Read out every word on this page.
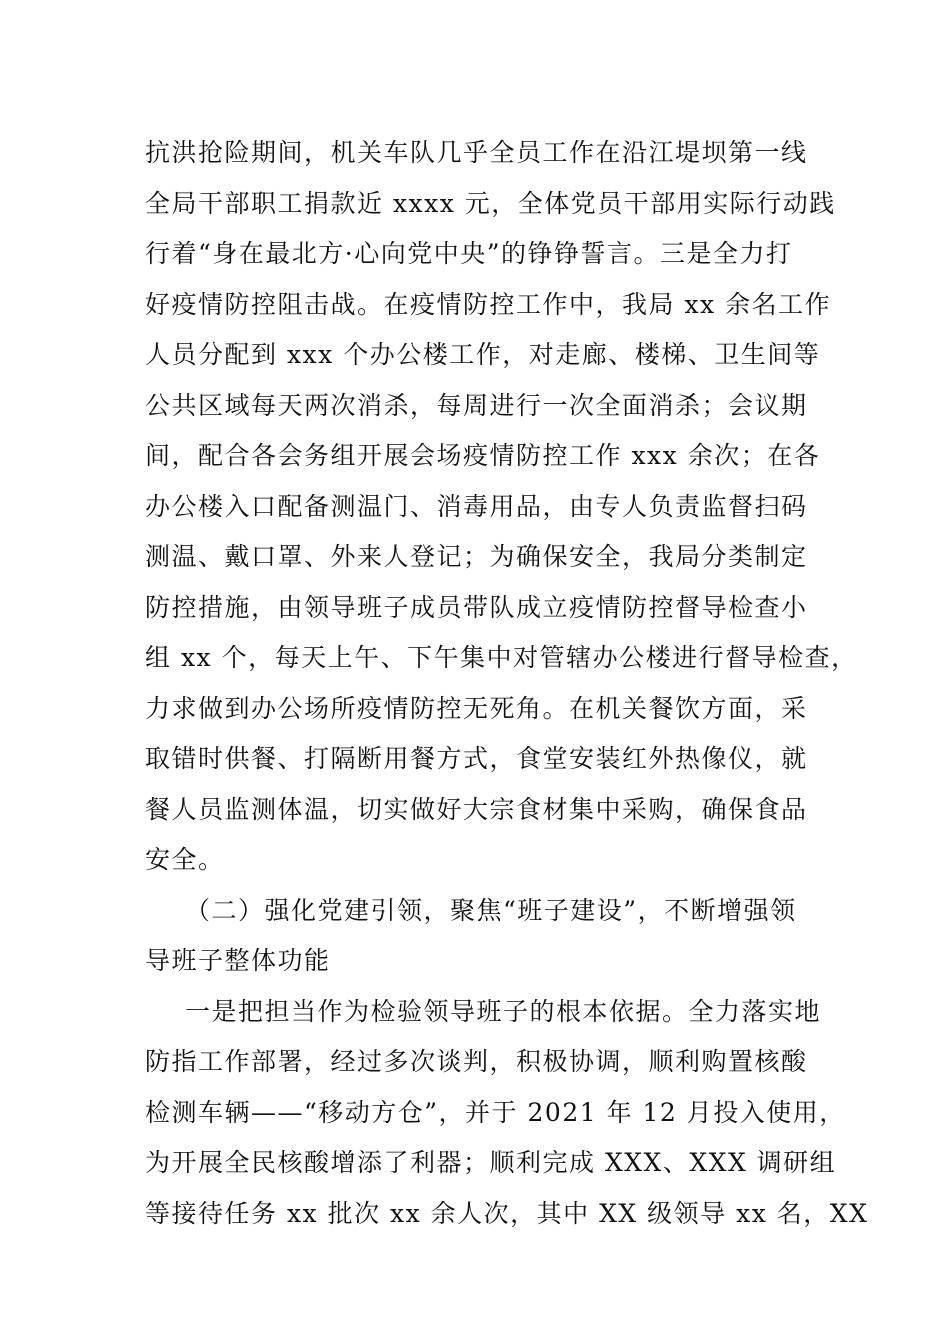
抗洪抢险期间，机关车队几乎全员工作在沿江堤坝第一线
全局干部职工捐款近 xxxx 元，全体党员干部用实际行动践
行着“身在最北方·心向党中央”的铮铮誓言。三是全力打
好疫情防控阻击战。在疫情防控工作中，我局 xx 余名工作
人员分配到 xxx 个办公楼工作，对走廊、楼梯、卫生间等
公共区域每天两次消杀，每周进行一次全面消杀；会议期
间，配合各会务组开展会场疫情防控工作 xxx 余次；在各
办公楼入口配备测温门、消毒用品，由专人负责监督扫码
测温、戴口罩、外来人登记；为确保安全，我局分类制定
防控措施，由领导班子成员带队成立疫情防控督导检查小
组 xx 个，每天上午、下午集中对管辖办公楼进行督导检查，
力求做到办公场所疫情防控无死角。在机关餐饮方面，采
取错时供餐、打隔断用餐方式，食堂安装红外热像仪，就
餐人员监测体温，切实做好大宗食材集中采购，确保食品
安全。
（二）强化党建引领，聚焦“班子建设”，不断增强领
导班子整体功能
一是把担当作为检验领导班子的根本依据。全力落实地
防指工作部署，经过多次谈判，积极协调，顺利购置核酸
检测车辆——“移动方仓”，并于 2021 年 12 月投入使用，
为开展全民核酸增添了利器；顺利完成 XXX、XXX 调研组
等接待任务 xx 批次 xx 余人次，其中 XX 级领导 xx 名，XX
